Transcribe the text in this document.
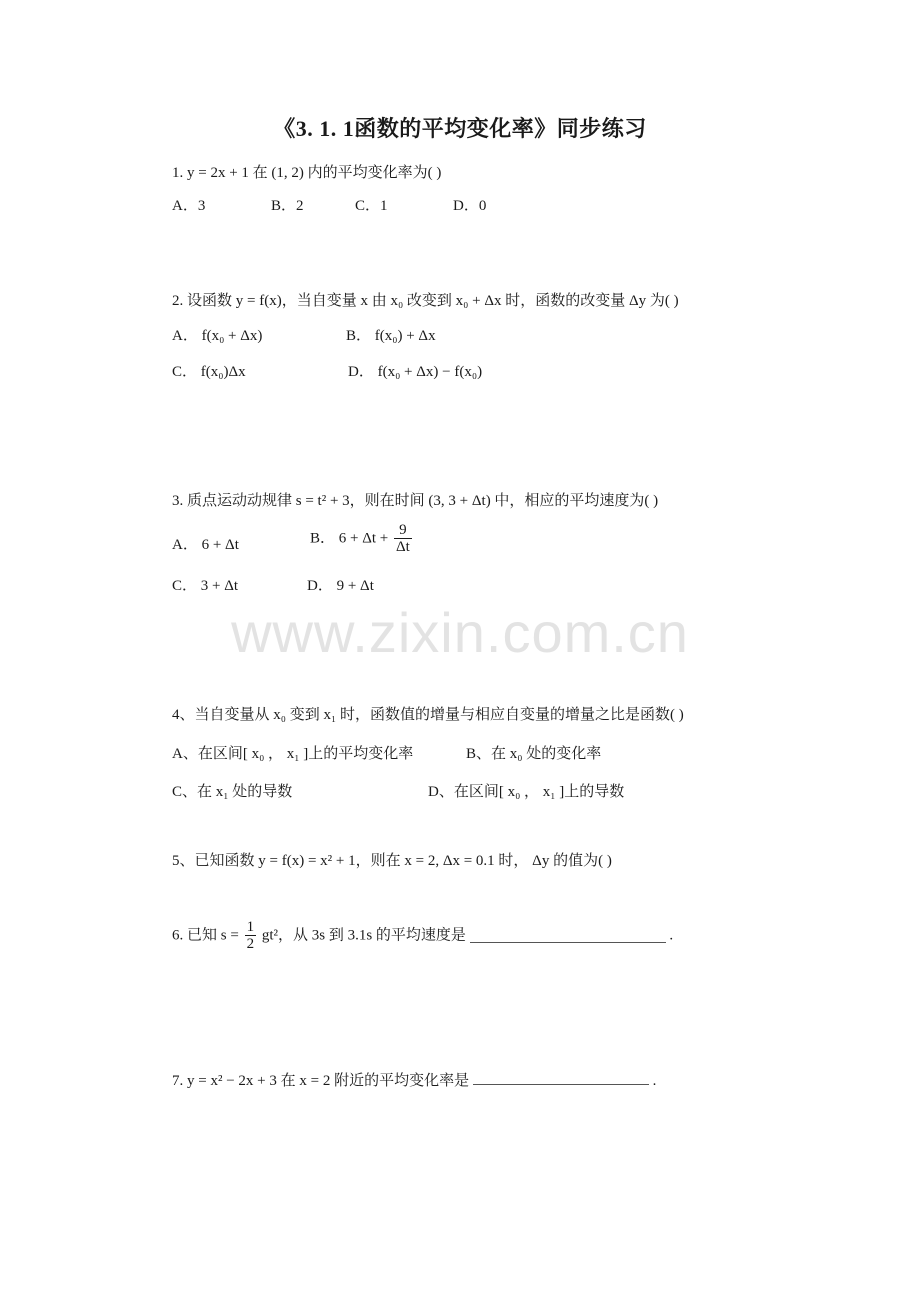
www.zixin.com.cn
《3. 1. 1函数的平均变化率》同步练习
1. y = 2x + 1 在 (1, 2) 内的平均变化率为( )
A．3	B．2	C．1	D．0
2. 设函数 y = f(x)，当自变量 x 由 x₀ 改变到 x₀ + Δx 时，函数的改变量 Δy 为( )
A． f(x₀ + Δx)	B． f(x₀) + Δx
C． f(x₀)Δx	D． f(x₀ + Δx) − f(x₀)
3. 质点运动动规律 s = t² + 3，则在时间 (3, 3 + Δt) 中，相应的平均速度为( )
A． 6 + Δt	B． $6 + \Delta t + \frac{9}{\Delta t}$
C． 3 + Δt	D． 9 + Δt
4、当自变量从 x₀ 变到 x₁ 时，函数值的增量与相应自变量的增量之比是函数( )
A、在区间[ x₀ ， x₁ ]上的平均变化率	B、在 x₀ 处的变化率
C、在 x₁ 处的导数	D、在区间[ x₀ ， x₁ ]上的导数
5、已知函数 y = f(x) = x² + 1，则在 x = 2, Δx = 0.1 时， Δy 的值为( )
6. 已知 $s = \frac{1}{2} gt^2$，从 3s 到 3.1s 的平均速度是	.
7. y = x² − 2x + 3 在 x = 2 附近的平均变化率是	.
